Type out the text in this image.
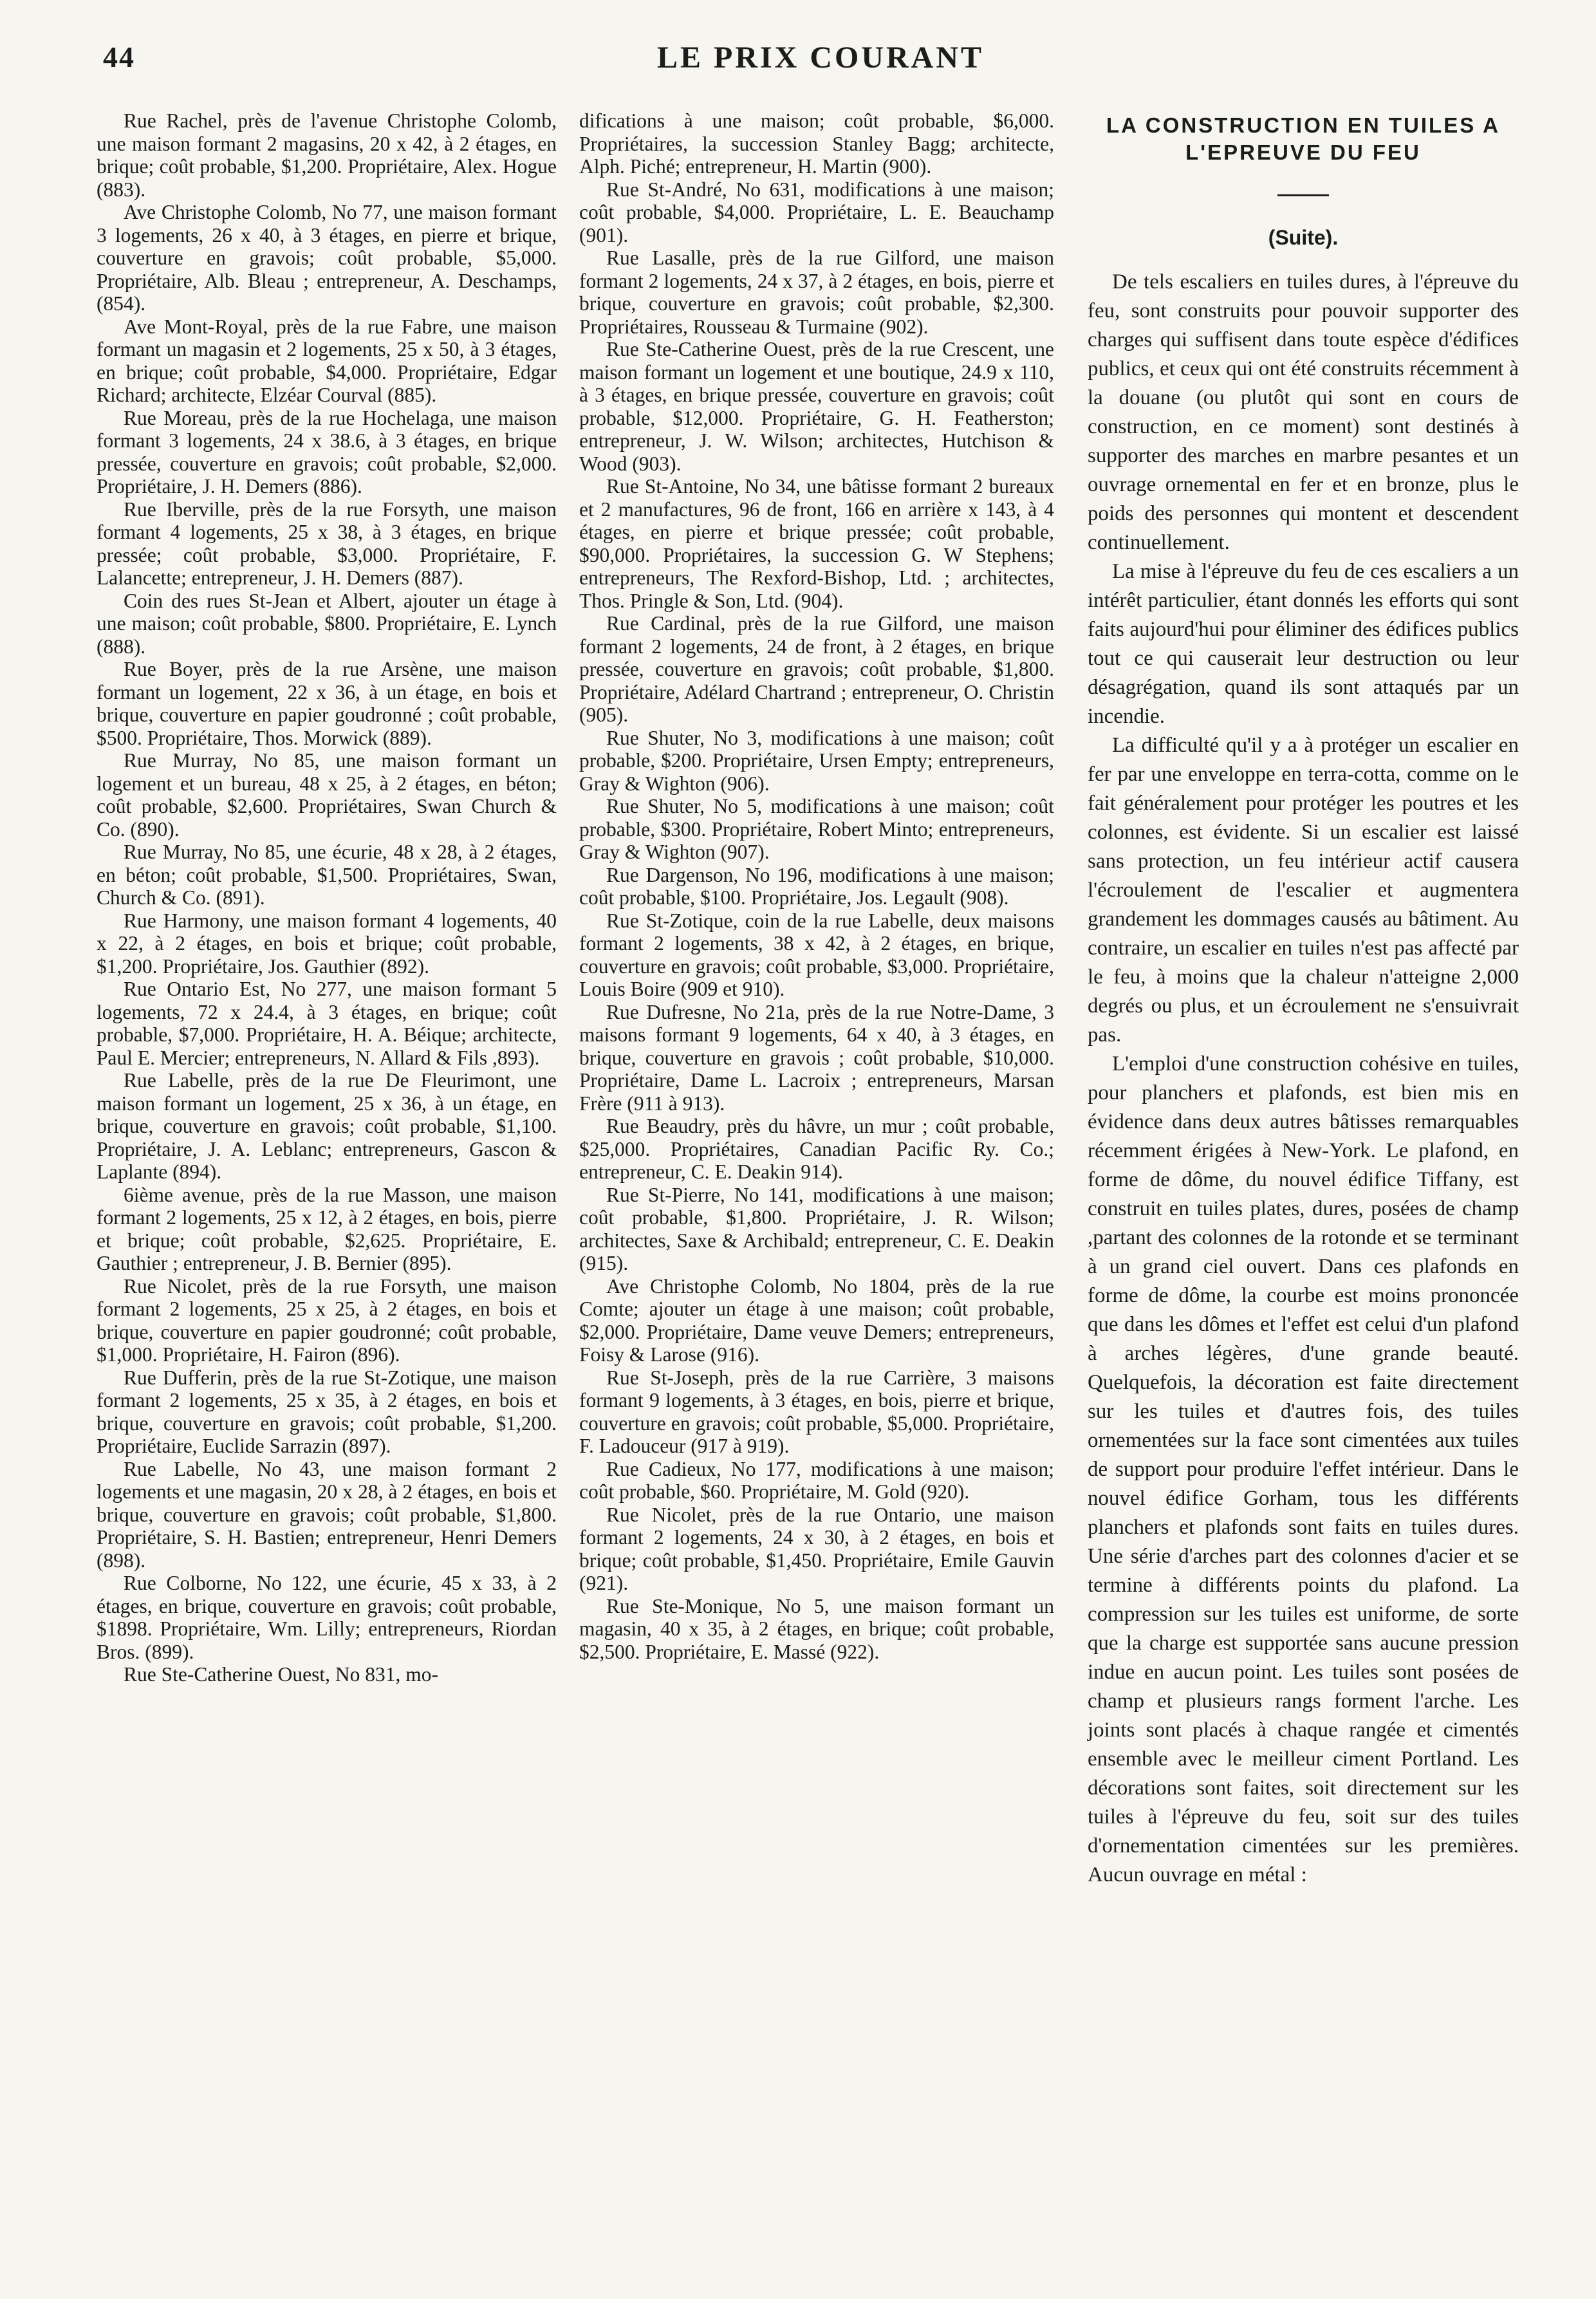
44	LE PRIX COURANT

Rue Rachel, près de l'avenue Christophe Colomb, une maison formant 2 magasins, 20 x 42, à 2 étages, en brique; coût probable, $1,200. Propriétaire, Alex. Hogue (883).

Ave Christophe Colomb, No 77, une maison formant 3 logements, 26 x 40, à 3 étages, en pierre et brique, couverture en gravois; coût probable, $5,000. Propriétaire, Alb. Bleau ; entrepreneur, A. Deschamps, (854).

Ave Mont-Royal, près de la rue Fabre, une maison formant un magasin et 2 logements, 25 x 50, à 3 étages, en brique; coût probable, $4,000. Propriétaire, Edgar Richard; architecte, Elzéar Courval (885).

Rue Moreau, près de la rue Hochelaga, une maison formant 3 logements, 24 x 38.6, à 3 étages, en brique pressée, couverture en gravois; coût probable, $2,000. Propriétaire, J. H. Demers (886).

Rue Iberville, près de la rue Forsyth, une maison formant 4 logements, 25 x 38, à 3 étages, en brique pressée; coût probable, $3,000. Propriétaire, F. Lalancette; entrepreneur, J. H. Demers (887).

Coin des rues St-Jean et Albert, ajouter un étage à une maison; coût probable, $800. Propriétaire, E. Lynch (888).

Rue Boyer, près de la rue Arsène, une maison formant un logement, 22 x 36, à un étage, en bois et brique, couverture en papier goudronné ; coût probable, $500. Propriétaire, Thos. Morwick (889).

Rue Murray, No 85, une maison formant un logement et un bureau, 48 x 25, à 2 étages, en béton; coût probable, $2,600. Propriétaires, Swan Church & Co. (890).

Rue Murray, No 85, une écurie, 48 x 28, à 2 étages, en béton; coût probable, $1,500. Propriétaires, Swan, Church & Co. (891).

Rue Harmony, une maison formant 4 logements, 40 x 22, à 2 étages, en bois et brique; coût probable, $1,200. Propriétaire, Jos. Gauthier (892).

Rue Ontario Est, No 277, une maison formant 5 logements, 72 x 24.4, à 3 étages, en brique; coût probable, $7,000. Propriétaire, H. A. Béique; architecte, Paul E. Mercier; entrepreneurs, N. Allard & Fils ,893).

Rue Labelle, près de la rue De Fleurimont, une maison formant un logement, 25 x 36, à un étage, en brique, couverture en gravois; coût probable, $1,100. Propriétaire, J. A. Leblanc; entrepreneurs, Gascon & Laplante (894).

6ième avenue, près de la rue Masson, une maison formant 2 logements, 25 x 12, à 2 étages, en bois, pierre et brique; coût probable, $2,625. Propriétaire, E. Gauthier ; entrepreneur, J. B. Bernier (895).

Rue Nicolet, près de la rue Forsyth, une maison formant 2 logements, 25 x 25, à 2 étages, en bois et brique, couverture en papier goudronné; coût probable, $1,000. Propriétaire, H. Fairon (896).

Rue Dufferin, près de la rue St-Zotique, une maison formant 2 logements, 25 x 35, à 2 étages, en bois et brique, couverture en gravois; coût probable, $1,200. Propriétaire, Euclide Sarrazin (897).

Rue Labelle, No 43, une maison formant 2 logements et une magasin, 20 x 28, à 2 étages, en bois et brique, couverture en gravois; coût probable, $1,800. Propriétaire, S. H. Bastien; entrepreneur, Henri Demers (898).

Rue Colborne, No 122, une écurie, 45 x 33, à 2 étages, en brique, couverture en gravois; coût probable, $1898. Propriétaire, Wm. Lilly; entrepreneurs, Riordan Bros. (899).

Rue Ste-Catherine Ouest, No 831, mo-

difications à une maison; coût probable, $6,000. Propriétaires, la succession Stanley Bagg; architecte, Alph. Piché; entrepreneur, H. Martin (900).

Rue St-André, No 631, modifications à une maison; coût probable, $4,000. Propriétaire, L. E. Beauchamp (901).

Rue Lasalle, près de la rue Gilford, une maison formant 2 logements, 24 x 37, à 2 étages, en bois, pierre et brique, couverture en gravois; coût probable, $2,300. Propriétaires, Rousseau & Turmaine (902).

Rue Ste-Catherine Ouest, près de la rue Crescent, une maison formant un logement et une boutique, 24.9 x 110, à 3 étages, en brique pressée, couverture en gravois; coût probable, $12,000. Propriétaire, G. H. Featherston; entrepreneur, J. W. Wilson; architectes, Hutchison & Wood (903).

Rue St-Antoine, No 34, une bâtisse formant 2 bureaux et 2 manufactures, 96 de front, 166 en arrière x 143, à 4 étages, en pierre et brique pressée; coût probable, $90,000. Propriétaires, la succession G. W Stephens; entrepreneurs, The Rexford-Bishop, Ltd. ; architectes, Thos. Pringle & Son, Ltd. (904).

Rue Cardinal, près de la rue Gilford, une maison formant 2 logements, 24 de front, à 2 étages, en brique pressée, couverture en gravois; coût probable, $1,800. Propriétaire, Adélard Chartrand ; entrepreneur, O. Christin (905).

Rue Shuter, No 3, modifications à une maison; coût probable, $200. Propriétaire, Ursen Empty; entrepreneurs, Gray & Wighton (906).

Rue Shuter, No 5, modifications à une maison; coût probable, $300. Propriétaire, Robert Minto; entrepreneurs, Gray & Wighton (907).

Rue Dargenson, No 196, modifications à une maison; coût probable, $100. Propriétaire, Jos. Legault (908).

Rue St-Zotique, coin de la rue Labelle, deux maisons formant 2 logements, 38 x 42, à 2 étages, en brique, couverture en gravois; coût probable, $3,000. Propriétaire, Louis Boire (909 et 910).

Rue Dufresne, No 21a, près de la rue Notre-Dame, 3 maisons formant 9 logements, 64 x 40, à 3 étages, en brique, couverture en gravois ; coût probable, $10,000. Propriétaire, Dame L. Lacroix ; entrepreneurs, Marsan Frère (911 à 913).

Rue Beaudry, près du hâvre, un mur ; coût probable, $25,000. Propriétaires, Canadian Pacific Ry. Co.; entrepreneur, C. E. Deakin 914).

Rue St-Pierre, No 141, modifications à une maison; coût probable, $1,800. Propriétaire, J. R. Wilson; architectes, Saxe & Archibald; entrepreneur, C. E. Deakin (915).

Ave Christophe Colomb, No 1804, près de la rue Comte; ajouter un étage à une maison; coût probable, $2,000. Propriétaire, Dame veuve Demers; entrepreneurs, Foisy & Larose (916).

Rue St-Joseph, près de la rue Carrière, 3 maisons formant 9 logements, à 3 étages, en bois, pierre et brique, couverture en gravois; coût probable, $5,000. Propriétaire, F. Ladouceur (917 à 919).

Rue Cadieux, No 177, modifications à une maison; coût probable, $60. Propriétaire, M. Gold (920).

Rue Nicolet, près de la rue Ontario, une maison formant 2 logements, 24 x 30, à 2 étages, en bois et brique; coût probable, $1,450. Propriétaire, Emile Gauvin (921).

Rue Ste-Monique, No 5, une maison formant un magasin, 40 x 35, à 2 étages, en brique; coût probable, $2,500. Propriétaire, E. Massé (922).

LA CONSTRUCTION EN TUILES A L'EPREUVE DU FEU
(Suite).

De tels escaliers en tuiles dures, à l'épreuve du feu, sont construits pour pouvoir supporter des charges qui suffisent dans toute espèce d'édifices publics, et ceux qui ont été construits récemment à la douane (ou plutôt qui sont en cours de construction, en ce moment) sont destinés à supporter des marches en marbre pesantes et un ouvrage ornemental en fer et en bronze, plus le poids des personnes qui montent et descendent continuellement.

La mise à l'épreuve du feu de ces escaliers a un intérêt particulier, étant donnés les efforts qui sont faits aujourd'hui pour éliminer des édifices publics tout ce qui causerait leur destruction ou leur désagrégation, quand ils sont attaqués par un incendie.

La difficulté qu'il y a à protéger un escalier en fer par une enveloppe en terra-cotta, comme on le fait généralement pour protéger les poutres et les colonnes, est évidente. Si un escalier est laissé sans protection, un feu intérieur actif causera l'écroulement de l'escalier et augmentera grandement les dommages causés au bâtiment. Au contraire, un escalier en tuiles n'est pas affecté par le feu, à moins que la chaleur n'atteigne 2,000 degrés ou plus, et un écroulement ne s'ensuivrait pas.

L'emploi d'une construction cohésive en tuiles, pour planchers et plafonds, est bien mis en évidence dans deux autres bâtisses remarquables récemment érigées à New-York. Le plafond, en forme de dôme, du nouvel édifice Tiffany, est construit en tuiles plates, dures, posées de champ ,partant des colonnes de la rotonde et se terminant à un grand ciel ouvert. Dans ces plafonds en forme de dôme, la courbe est moins prononcée que dans les dômes et l'effet est celui d'un plafond à arches légères, d'une grande beauté. Quelquefois, la décoration est faite directement sur les tuiles et d'autres fois, des tuiles ornementées sur la face sont cimentées aux tuiles de support pour produire l'effet intérieur. Dans le nouvel édifice Gorham, tous les différents planchers et plafonds sont faits en tuiles dures. Une série d'arches part des colonnes d'acier et se termine à différents points du plafond. La compression sur les tuiles est uniforme, de sorte que la charge est supportée sans aucune pression indue en aucun point. Les tuiles sont posées de champ et plusieurs rangs forment l'arche. Les joints sont placés à chaque rangée et cimentés ensemble avec le meilleur ciment Portland. Les décorations sont faites, soit directement sur les tuiles à l'épreuve du feu, soit sur des tuiles d'ornementation cimentées sur les premières. Aucun ouvrage en métal :
